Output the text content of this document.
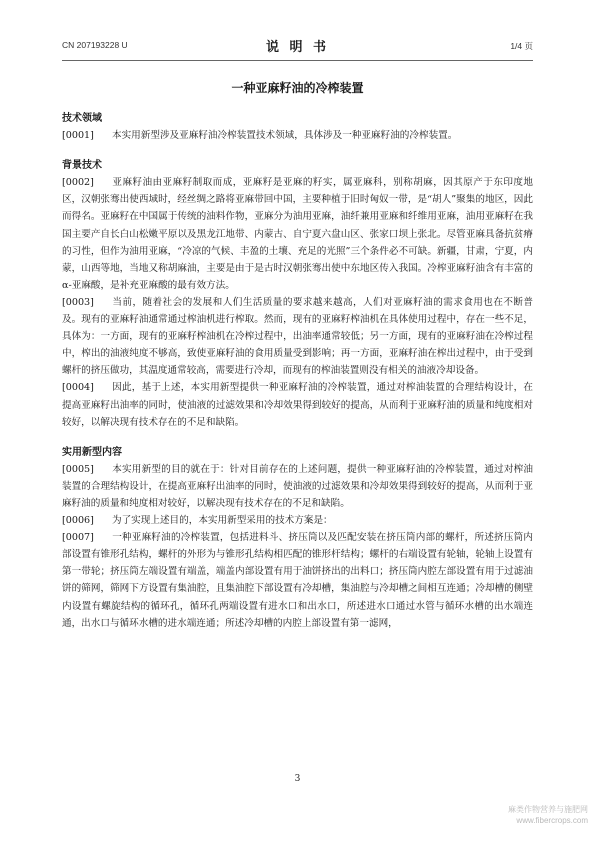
CN 207193228 U	说 明 书	1/4 页
一种亚麻籽油的冷榨装置
技术领域

[0001] 本实用新型涉及亚麻籽油冷榨装置技术领域，具体涉及一种亚麻籽油的冷榨装置。

背景技术

[0002] 亚麻籽油由亚麻籽制取而成，亚麻籽是亚麻的籽实，属亚麻科，别称胡麻，因其原产于东印度地区，汉朝张骞出使西域时，经丝绸之路将亚麻带回中国，主要种植于旧时匈奴一带，是“胡人”聚集的地区，因此而得名。亚麻籽在中国属于传统的油料作物，亚麻分为油用亚麻，油纤兼用亚麻和纤维用亚麻，油用亚麻籽在我国主要产自长白山松嫩平原以及黑龙江地带、内蒙古、自宁夏六盘山区、张家口坝上张北。尽管亚麻具备抗贫瘠的习性，但作为油用亚麻，“冷凉的气候、丰盈的土壤、充足的光照”三个条件必不可缺。新疆，甘肃，宁夏，内蒙，山西等地，当地又称胡麻油，主要是由于是古时汉朝张骞出使中东地区传入我国。冷榨亚麻籽油含有丰富的α-亚麻酸，是补充亚麻酸的最有效方法。

[0003] 当前，随着社会的发展和人们生活质量的要求越来越高，人们对亚麻籽油的需求食用也在不断普及。现有的亚麻籽油通常通过榨油机进行榨取。然而，现有的亚麻籽榨油机在具体使用过程中，存在一些不足，具体为：一方面，现有的亚麻籽榨油机在冷榨过程中，出油率通常较低；另一方面，现有的亚麻籽油在冷榨过程中，榨出的油液纯度不够高，致使亚麻籽油的食用质量受到影响；再一方面，亚麻籽油在榨出过程中，由于受到螺杆的挤压做功，其温度通常较高，需要进行冷却，而现有的榨油装置则没有相关的油液冷却设备。

[0004] 因此，基于上述，本实用新型提供一种亚麻籽油的冷榨装置，通过对榨油装置的合理结构设计，在提高亚麻籽出油率的同时，使油液的过滤效果和冷却效果得到较好的提高，从而利于亚麻籽油的质量和纯度相对较好，以解决现有技术存在的不足和缺陷。

实用新型内容

[0005] 本实用新型的目的就在于：针对目前存在的上述问题，提供一种亚麻籽油的冷榨装置，通过对榨油装置的合理结构设计，在提高亚麻籽出油率的同时，使油液的过滤效果和冷却效果得到较好的提高，从而利于亚麻籽油的质量和纯度相对较好，以解决现有技术存在的不足和缺陷。

[0006] 为了实现上述目的，本实用新型采用的技术方案是：

[0007] 一种亚麻籽油的冷榨装置，包括进料斗、挤压筒以及匹配安装在挤压筒内部的螺杆，所述挤压筒内部设置有锥形孔结构，螺杆的外形为与锥形孔结构相匹配的锥形杆结构；螺杆的右端设置有轮轴，轮轴上设置有第一带轮；挤压筒左端设置有端盖，端盖内部设置有用于油饼挤出的出料口；挤压筒内腔左部设置有用于过滤油饼的筛网，筛网下方设置有集油腔，且集油腔下部设置有冷却槽，集油腔与冷却槽之间相互连通；冷却槽的侧壁内设置有螺旋结构的循环孔，循环孔两端设置有进水口和出水口，所述进水口通过水管与循环水槽的出水端连通，出水口与循环水槽的进水端连通；所述冷却槽的内腔上部设置有第一滤网，

3
麻类作物营养与施肥网
www.fibercrops.com
